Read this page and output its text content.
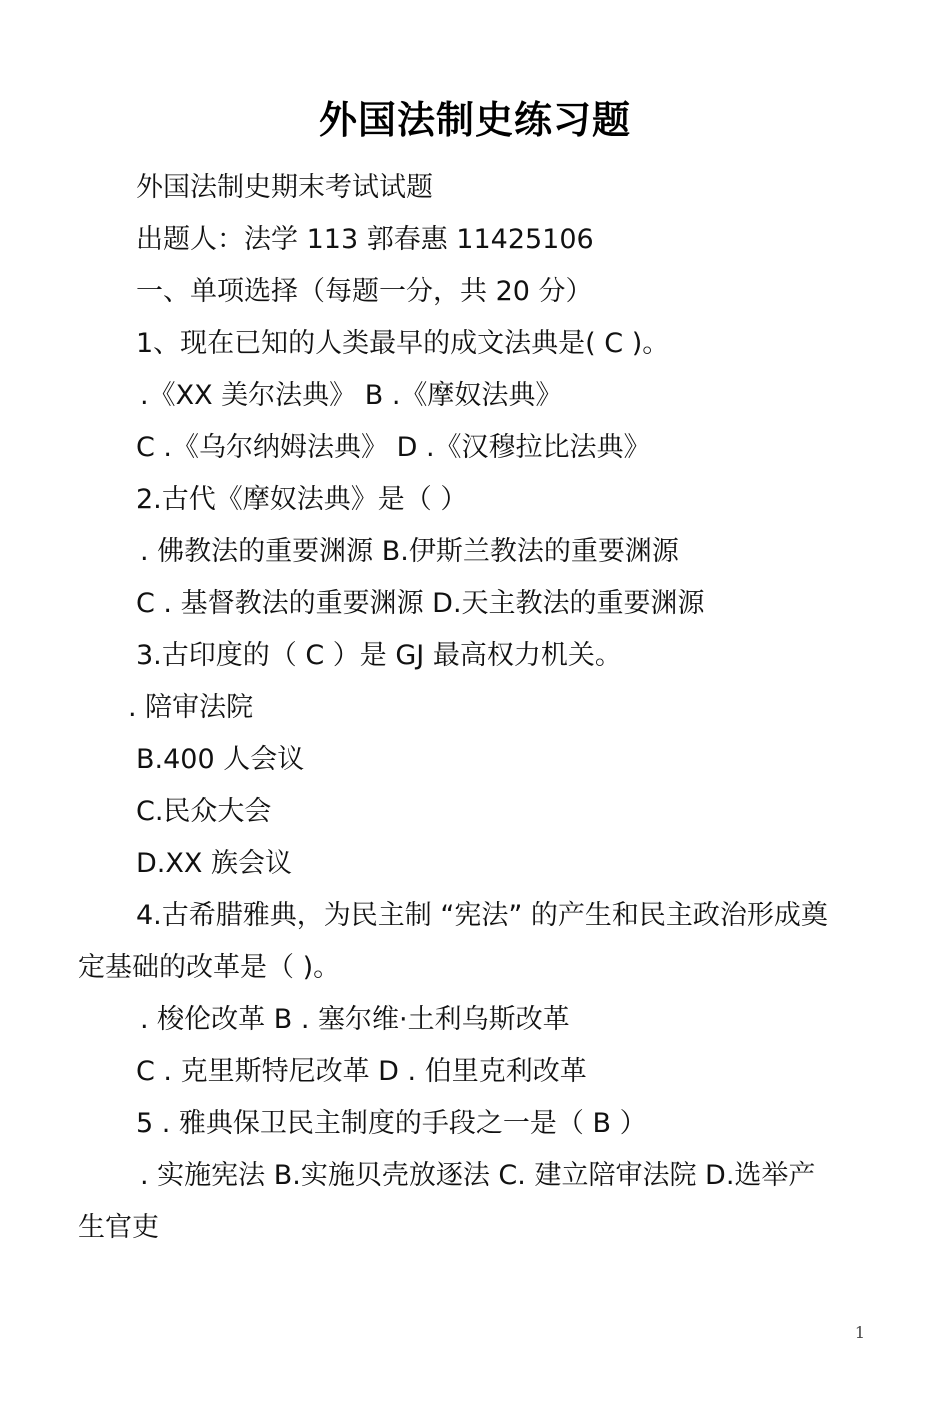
外国法制史练习题
外国法制史期末考试试题
出题人：法学 113 郭春惠 11425106
一、单项选择（每题一分，共 20 分）
1、现在已知的人类最早的成文法典是( C )。
.《XX 美尔法典》 B .《摩奴法典》
C .《乌尔纳姆法典》 D .《汉穆拉比法典》
2.古代《摩奴法典》是（ ）
. 佛教法的重要渊源 B.伊斯兰教法的重要渊源
C . 基督教法的重要渊源 D.天主教法的重要渊源
3.古印度的（ C ）是 GJ 最高权力机关。
. 陪审法院
B.400 人会议
C.民众大会
D.XX 族会议
4.古希腊雅典，为民主制 “宪法” 的产生和民主政治形成奠
定基础的改革是（ )。
. 梭伦改革 B . 塞尔维·土利乌斯改革
C . 克里斯特尼改革 D . 伯里克利改革
5 . 雅典保卫民主制度的手段之一是（ B ）
. 实施宪法 B.实施贝壳放逐法 C. 建立陪审法院 D.选举产
生官吏
1
